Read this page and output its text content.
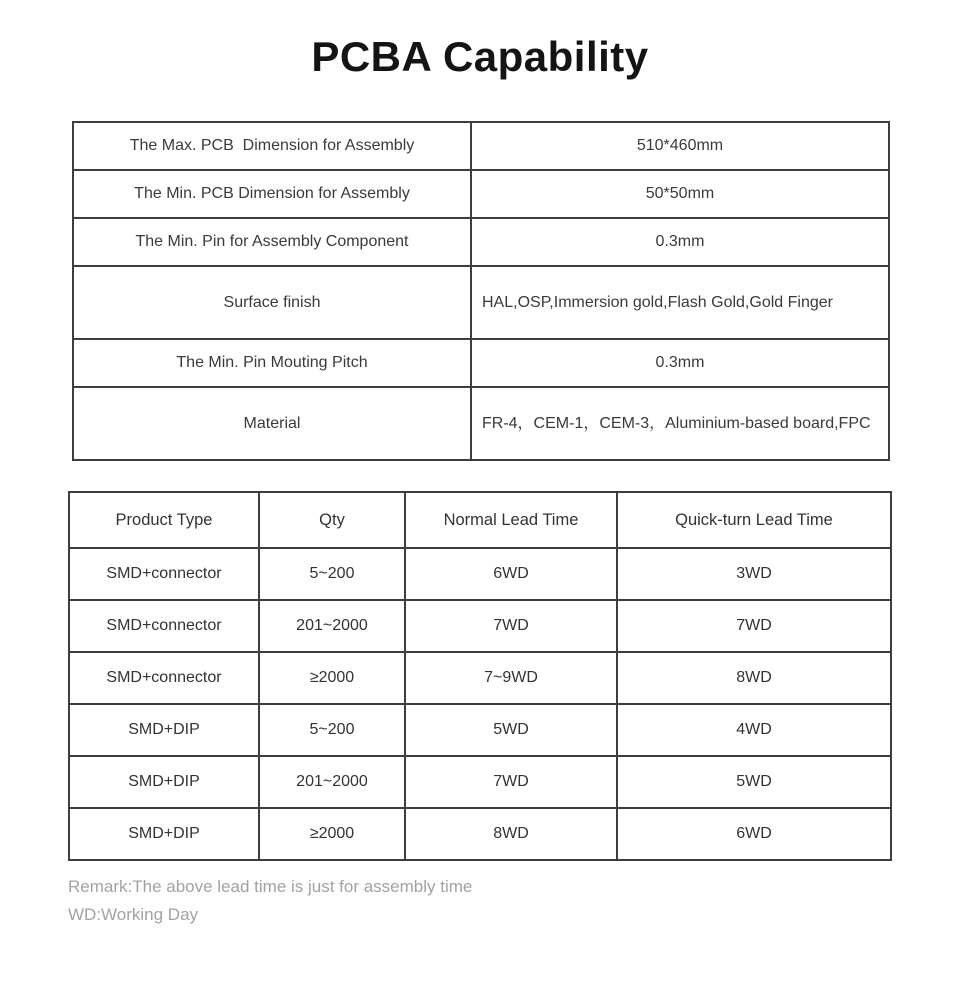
PCBA Capability
The Max. PCB  Dimension for Assembly	510*460mm
The Min. PCB Dimension for Assembly	50*50mm
The Min. Pin for Assembly Component	0.3mm
Surface finish	HAL,OSP,Immersion gold,Flash Gold,Gold Finger
The Min. Pin Mouting Pitch	0.3mm
Material	FR-4，CEM-1，CEM-3，Aluminium-based board,FPC
Product Type	Qty	Normal Lead Time	Quick-turn Lead Time
SMD+connector	5~200	6WD	3WD
SMD+connector	201~2000	7WD	7WD
SMD+connector	≥2000	7~9WD	8WD
SMD+DIP	5~200	5WD	4WD
SMD+DIP	201~2000	7WD	5WD
SMD+DIP	≥2000	8WD	6WD
Remark:The above lead time is just for assembly time
WD:Working Day
